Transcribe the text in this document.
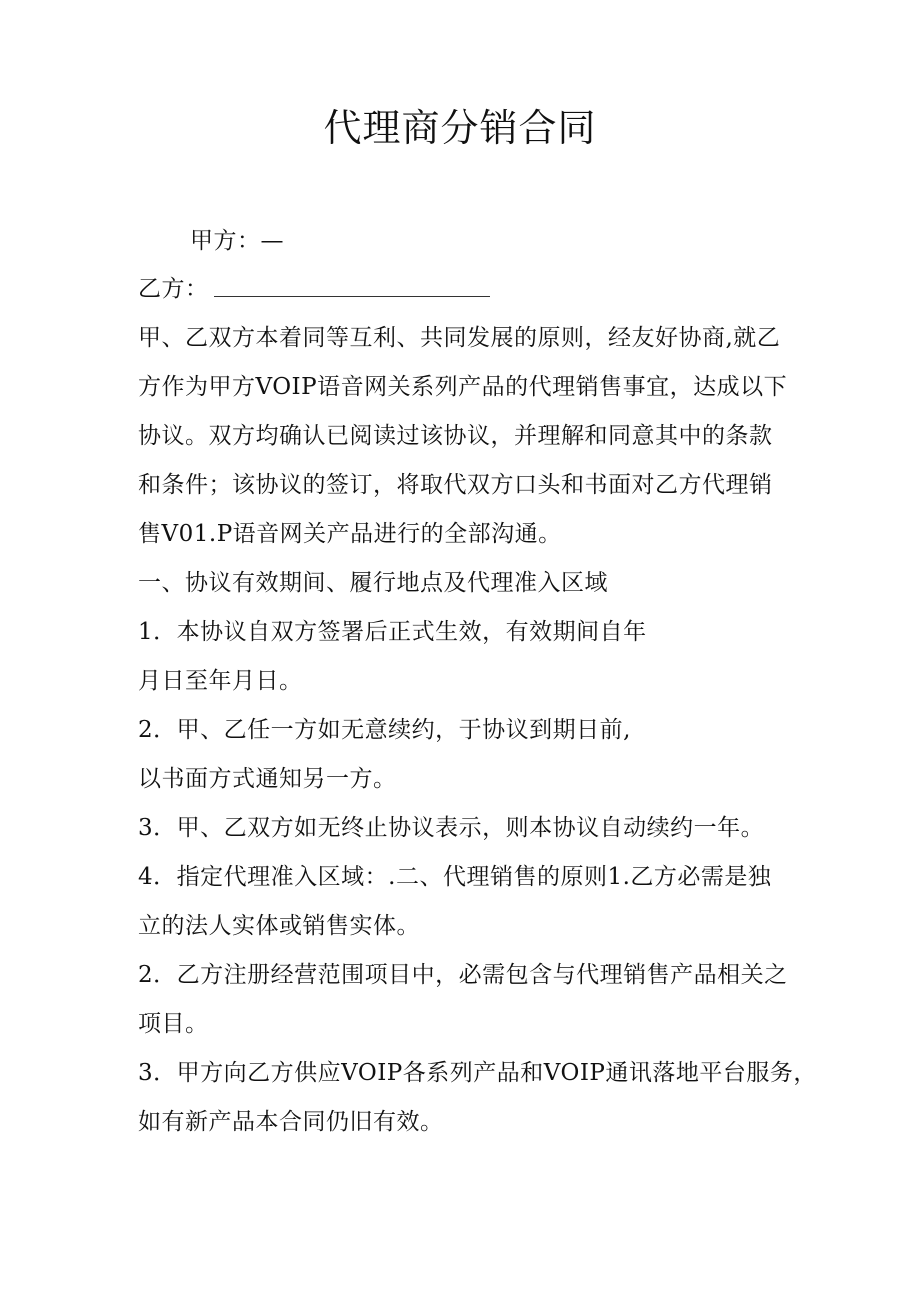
代理商分销合同
甲方：—
乙方：
甲、乙双方本着同等互利、共同发展的原则，经友好协商,就乙
方作为甲方VOIP语音网关系列产品的代理销售事宜，达成以下
协议。双方均确认已阅读过该协议，并理解和同意其中的条款
和条件；该协议的签订，将取代双方口头和书面对乙方代理销
售V01.P语音网关产品进行的全部沟通。
一、协议有效期间、履行地点及代理准入区域
1．本协议自双方签署后正式生效，有效期间自年
月日至年月日。
2．甲、乙任一方如无意续约，于协议到期日前,
以书面方式通知另一方。
3．甲、乙双方如无终止协议表示，则本协议自动续约一年。
4．指定代理准入区域：.二、代理销售的原则1.乙方必需是独
立的法人实体或销售实体。
2．乙方注册经营范围项目中，必需包含与代理销售产品相关之
项目。
3．甲方向乙方供应VOIP各系列产品和VOIP通讯落地平台服务，
如有新产品本合同仍旧有效。
